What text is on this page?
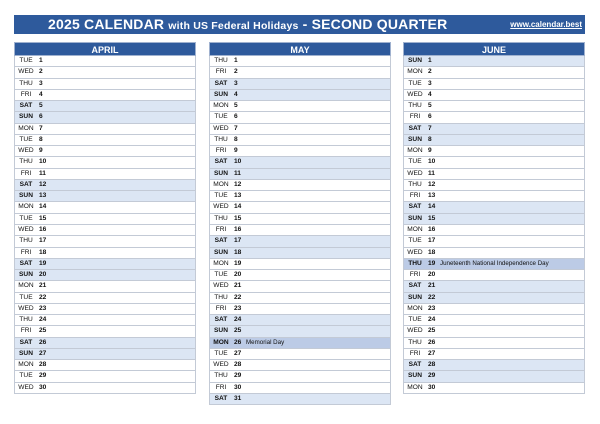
2025 CALENDAR with US Federal Holidays - SECOND QUARTER	www.calendar.best
APRIL
TUE 1
WED 2
THU 3
FRI	4
SAT	5
SUN 6
MON 7
TUE 8
WED 9
THU 10
FRI	11
SAT	12
SUN 13
MON 14
TUE 15
WED 16
THU 17
FRI	18
SAT	19
SUN 20
MON 21
TUE 22
WED 23
THU 24
FRI	25
SAT	26
SUN 27
MON 28
TUE 29
WED 30
MAY
THU 1
FRI	2
SAT	3
SUN 4
MON 5
TUE 6
WED 7
THU 8
FRI	9
SAT	10
SUN 11
MON 12
TUE 13
WED 14
THU 15
FRI	16
SAT	17
SUN 18
MON 19
TUE 20
WED 21
THU 22
FRI	23
SAT	24
SUN 25
MON 26 Memorial Day
TUE 27
WED 28
THU 29
FRI	30
SAT	31
JUNE
SUN 1
MON 2
TUE 3
WED 4
THU 5
FRI	6
SAT	7
SUN 8
MON 9
TUE 10
WED 11
THU 12
FRI	13
SAT	14
SUN 15
MON 16
TUE 17
WED 18
THU 19 Juneteenth National Independence Day
FRI	20
SAT	21
SUN 22
MON 23
TUE 24
WED 25
THU 26
FRI	27
SAT	28
SUN 29
MON 30
